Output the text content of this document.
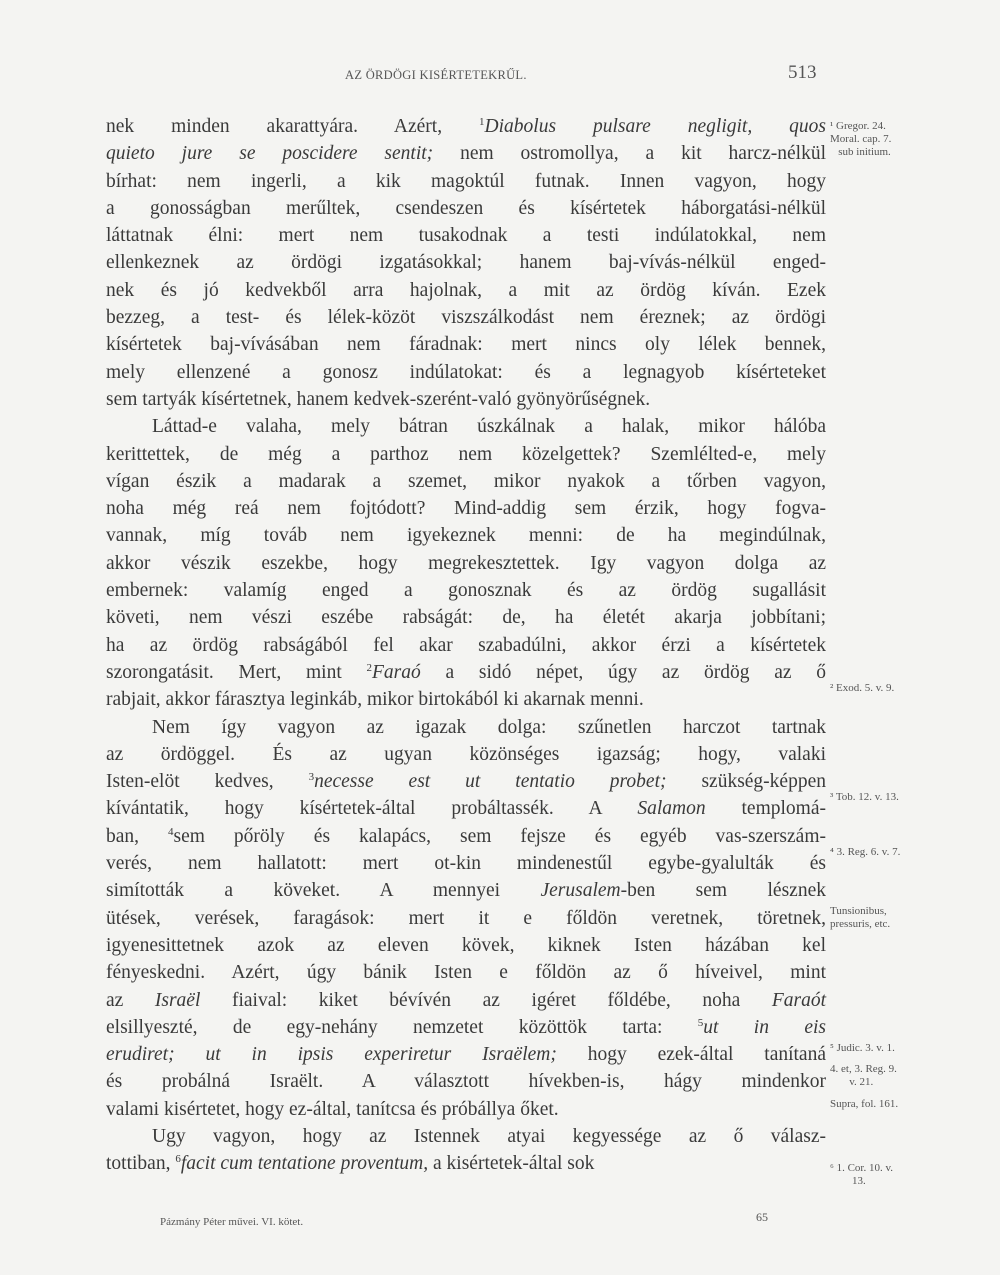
AZ ÖRDÖGI KISÉRTETEKRŰL.	513
nek minden akarattyára. Azért, $^1$Diabolus pulsare negligit, quos
quieto jure se poscidere sentit; nem ostromollya, a kit harcz-nélkül
bírhat: nem ingerli, a kik magoktúl futnak. Innen vagyon, hogy
a gonosságban merűltek, csendeszen és kísértetek háborgatási-nélkül
láttatnak élni: mert nem tusakodnak a testi indúlatokkal, nem
ellenkeznek az ördögi izgatásokkal; hanem baj-vívás-nélkül enged-
nek és jó kedvekből arra hajolnak, a mit az ördög kíván. Ezek
bezzeg, a test- és lélek-közöt viszszálkodást nem éreznek; az ördögi
kísértetek baj-vívásában nem fáradnak: mert nincs oly lélek bennek,
mely ellenzené a gonosz indúlatokat: és a legnagyob kísérteteket
sem tartyák kísértetnek, hanem kedvek-szerént-való gyönyörűségnek.
Láttad-e valaha, mely bátran úszkálnak a halak, mikor hálóba
kerittettek, de még a parthoz nem közelgettek? Szemlélted-e, mely
vígan észik a madarak a szemet, mikor nyakok a tőrben vagyon,
noha még reá nem fojtódott? Mind-addig sem érzik, hogy fogva-
vannak, míg továb nem igyekeznek menni: de ha megindúlnak,
akkor vészik eszekbe, hogy megrekesztettek. Igy vagyon dolga az
embernek: valamíg enged a gonosznak és az ördög sugallásit
követi, nem vészi eszébe rabságát: de, ha életét akarja jobbítani;
ha az ördög rabságából fel akar szabadúlni, akkor érzi a kísértetek
szorongatásit. Mert, mint $^2$Faraó a sidó népet, úgy az ördög az ő
rabjait, akkor fárasztya leginkáb, mikor birtokából ki akarnak menni.
Nem így vagyon az igazak dolga: szűnetlen harczot tartnak
az ördöggel. És az ugyan közönséges igazság; hogy, valaki
Isten-elöt kedves, $^3$necesse est ut tentatio probet; szükség-képpen
kívántatik, hogy kísértetek-által probáltassék. A Salamon templomá-
ban, $^4$sem pőröly és kalapács, sem fejsze és egyéb vas-szerszám-
verés, nem hallatott: mert ot-kin mindenestűl egybe-gyalulták és
simították a köveket. A mennyei Jerusalem-ben sem lésznek
ütések, verések, faragások: mert it e főldön veretnek, töretnek,
igyenesittetnek azok az eleven kövek, kiknek Isten házában kel
fényeskedni. Azért, úgy bánik Isten e főldön az ő híveivel, mint
az Israël fiaival: kiket bévívén az igéret főldébe, noha Faraót
elsillyeszté, de egy-nehány nemzetet közöttök tarta: $^5$ut in eis
erudiret; ut in ipsis experiretur Israëlem; hogy ezek-által tanítaná
és probálná Israëlt. A választott hívekben-is, hágy mindenkor
valami kisértetet, hogy ez-által, tanítcsa és próbállya őket.
Ugy vagyon, hogy az Istennek atyai kegyessége az ő válasz-
tottiban, $^6$facit cum tentatione proventum, a kisértetek-által sok
¹ Gregor. 24.
Moral. cap. 7.
sub initium.
² Exod. 5. v. 9.
³ Tob. 12. v. 13.
⁴ 3. Reg. 6. v. 7.
Tunsionibus,
pressuris, etc.
⁵ Judic. 3. v. 1.
4. et, 3. Reg. 9.
v. 21.
Supra, fol. 161.
⁶ 1. Cor. 10. v.
13.
Pázmány Péter művei. VI. kötet.	65
